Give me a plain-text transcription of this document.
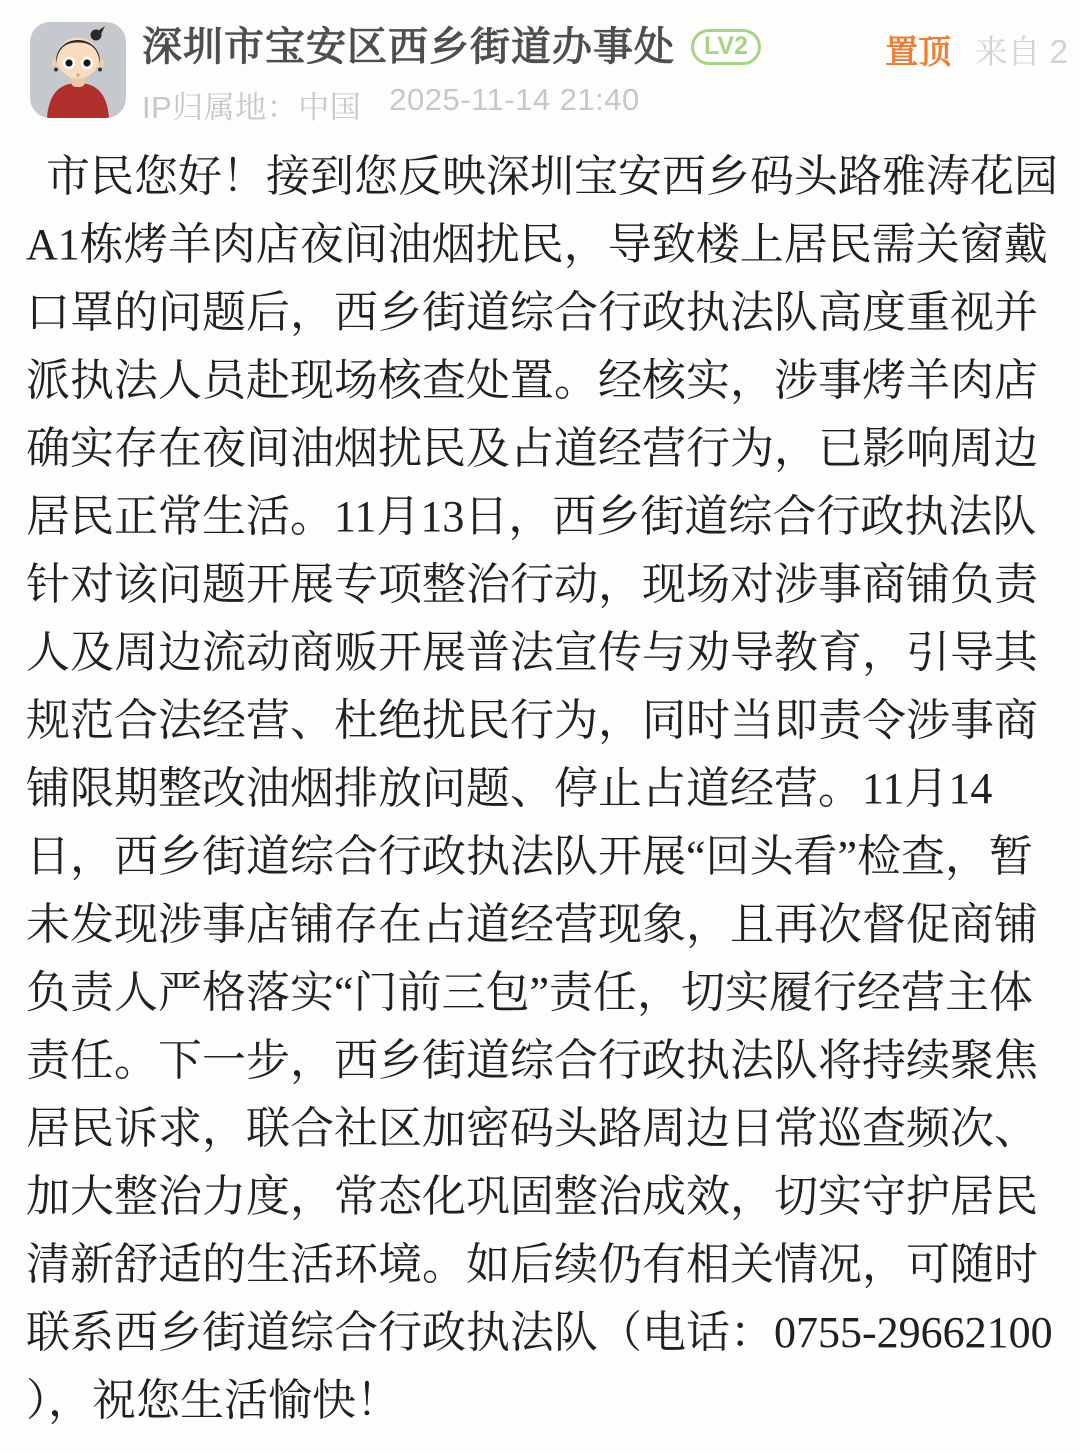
深圳市宝安区西乡街道办事处	LV2
IP归属地：中国 2025-11-14 21:40
置顶 来自 2
市民您好！接到您反映深圳宝安西乡码头路雅涛花园
A1栋烤羊肉店夜间油烟扰民，导致楼上居民需关窗戴
口罩的问题后，西乡街道综合行政执法队高度重视并
派执法人员赴现场核查处置。经核实，涉事烤羊肉店
确实存在夜间油烟扰民及占道经营行为，已影响周边
居民正常生活。11月13日，西乡街道综合行政执法队
针对该问题开展专项整治行动，现场对涉事商铺负责
人及周边流动商贩开展普法宣传与劝导教育，引导其
规范合法经营、杜绝扰民行为，同时当即责令涉事商
铺限期整改油烟排放问题、停止占道经营。11月14
日，西乡街道综合行政执法队开展“回头看”检查，暂
未发现涉事店铺存在占道经营现象，且再次督促商铺
负责人严格落实“门前三包”责任，切实履行经营主体
责任。下一步，西乡街道综合行政执法队将持续聚焦
居民诉求，联合社区加密码头路周边日常巡查频次、
加大整治力度，常态化巩固整治成效，切实守护居民
清新舒适的生活环境。如后续仍有相关情况，可随时
联系西乡街道综合行政执法队（电话：0755-29662100
），祝您生活愉快！
